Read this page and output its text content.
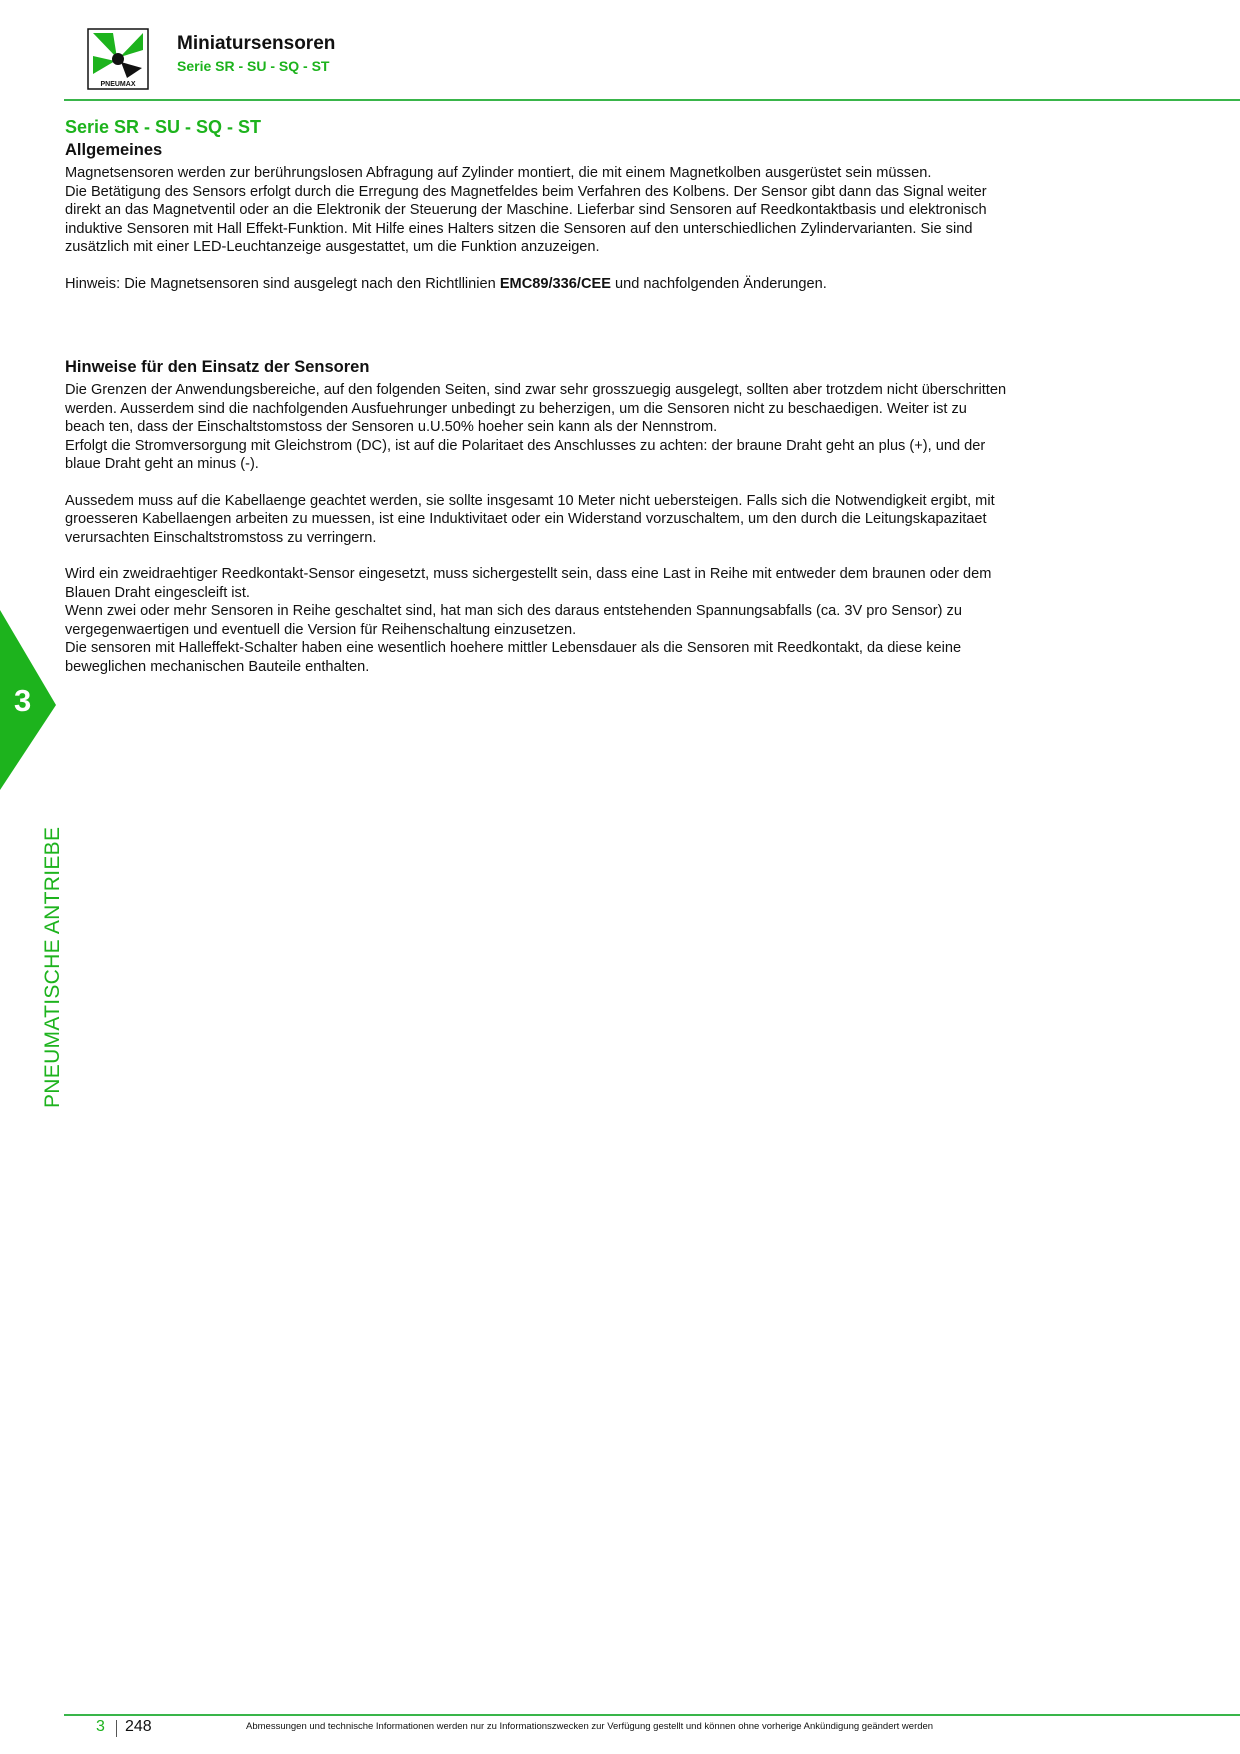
PNEUMAX
Miniatursensoren
Serie SR - SU - SQ - ST
Serie SR - SU - SQ - ST
Allgemeines

Magnetsensoren werden zur berührungslosen Abfragung auf Zylinder montiert, die mit einem Magnetkolben ausgerüstet sein müssen.
Die Betätigung des Sensors erfolgt durch die Erregung des Magnetfeldes beim Verfahren des Kolbens. Der Sensor gibt dann das Signal weiter
direkt an das Magnetventil oder an die Elektronik der Steuerung der Maschine. Lieferbar sind Sensoren auf Reedkontaktbasis und elektronisch
induktive Sensoren mit Hall Effekt-Funktion. Mit Hilfe eines Halters sitzen die Sensoren auf den unterschiedlichen Zylindervarianten. Sie sind
zusätzlich mit einer LED-Leuchtanzeige ausgestattet, um die Funktion anzuzeigen.

Hinweis: Die Magnetsensoren sind ausgelegt nach den Richtllinien EMC89/336/CEE und nachfolgenden Änderungen.

Hinweise für den Einsatz der Sensoren

Die Grenzen der Anwendungsbereiche, auf den folgenden Seiten, sind zwar sehr grosszuegig ausgelegt, sollten aber trotzdem nicht überschritten
werden. Ausserdem sind die nachfolgenden Ausfuehrunger unbedingt zu beherzigen, um die Sensoren nicht zu beschaedigen. Weiter ist zu
beach ten, dass der Einschaltstomstoss der Sensoren u.U.50% hoeher sein kann als der Nennstrom.
Erfolgt die Stromversorgung mit Gleichstrom (DC), ist auf die Polaritaet des Anschlusses zu achten: der braune Draht geht an plus (+), und der
blaue Draht geht an minus (-).

Aussedem muss auf die Kabellaenge geachtet werden, sie sollte insgesamt 10 Meter nicht uebersteigen. Falls sich die Notwendigkeit ergibt, mit
groesseren Kabellaengen arbeiten zu muessen, ist eine Induktivitaet oder ein Widerstand vorzuschaltem, um den durch die Leitungskapazitaet
verursachten Einschaltstromstoss zu verringern.

Wird ein zweidraehtiger Reedkontakt-Sensor eingesetzt, muss sichergestellt sein, dass eine Last in Reihe mit entweder dem braunen oder dem
Blauen Draht eingescleift ist.
Wenn zwei oder mehr Sensoren in Reihe geschaltet sind, hat man sich des daraus entstehenden Spannungsabfalls (ca. 3V pro Sensor) zu
vergegenwaertigen und eventuell die Version für Reihenschaltung einzusetzen.
Die sensoren mit Halleffekt-Schalter haben eine wesentlich hoehere mittler Lebensdauer als die Sensoren mit Reedkontakt, da diese keine
beweglichen mechanischen Bauteile enthalten.

3
PNEUMATISCHE ANTRIEBE
3 248	Abmessungen und technische Informationen werden nur zu Informationszwecken zur Verfügung gestellt und können ohne vorherige Ankündigung geändert werden
